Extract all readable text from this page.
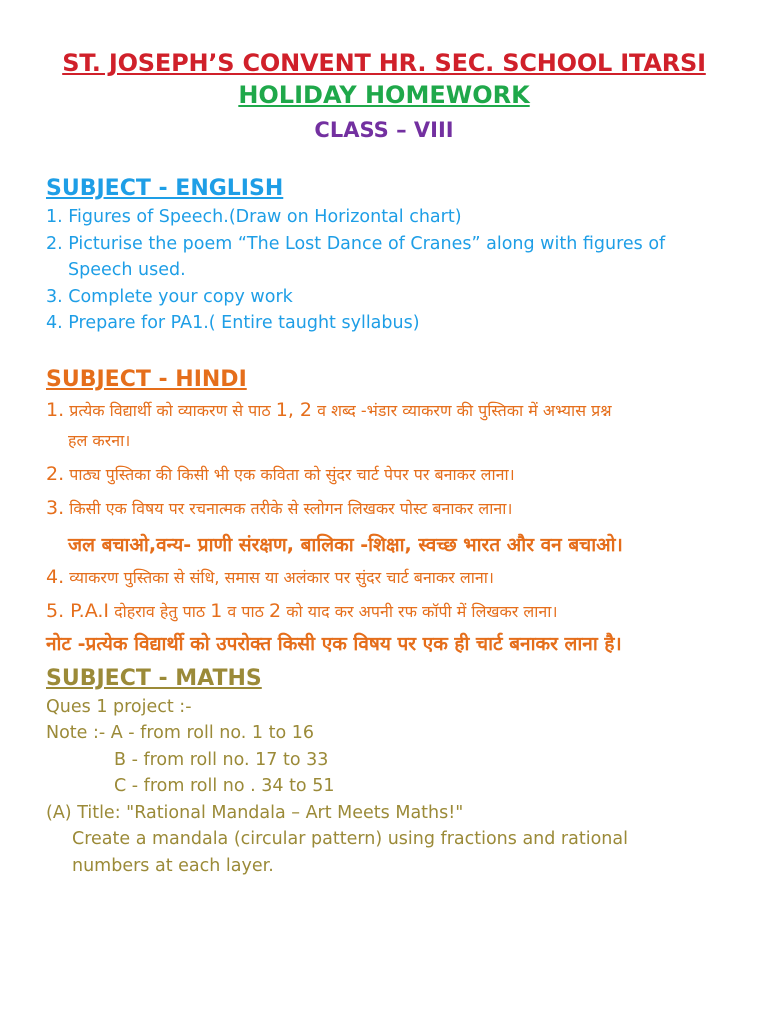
ST. JOSEPH’S CONVENT HR. SEC. SCHOOL ITARSI
HOLIDAY HOMEWORK
CLASS – VIII
SUBJECT - ENGLISH
1. Figures of Speech.(Draw on Horizontal chart)
2. Picturise the poem “The Lost Dance of Cranes” along with figures of
Speech used.
3. Complete your copy work
4. Prepare for PA1.( Entire taught syllabus)
SUBJECT - HINDI
1. प्रत्येक विद्यार्थी को व्याकरण से पाठ 1, 2 व शब्द -भंडार व्याकरण की पुस्तिका में अभ्यास प्रश्न
हल करना।
2. पाठ्य पुस्तिका की किसी भी एक कविता को सुंदर चार्ट पेपर पर बनाकर लाना।
3. किसी एक विषय पर रचनात्मक तरीके से स्लोगन लिखकर पोस्ट बनाकर लाना।
जल बचाओ,वन्य- प्राणी संरक्षण, बालिका -शिक्षा, स्वच्छ भारत और वन बचाओ।
4. व्याकरण पुस्तिका से संधि, समास या अलंकार पर सुंदर चार्ट बनाकर लाना।
5. P.A.I दोहराव हेतु पाठ 1 व पाठ 2 को याद कर अपनी रफ कॉपी में लिखकर लाना।
नोट -प्रत्येक विद्यार्थी को उपरोक्त किसी एक विषय पर एक ही चार्ट बनाकर लाना है।
SUBJECT - MATHS
Ques 1 project :-
Note :- A - from roll no. 1 to 16
B - from roll no. 17 to 33
C - from roll no . 34 to 51
(A) Title: "Rational Mandala – Art Meets Maths!"
Create a mandala (circular pattern) using fractions and rational
numbers at each layer.
